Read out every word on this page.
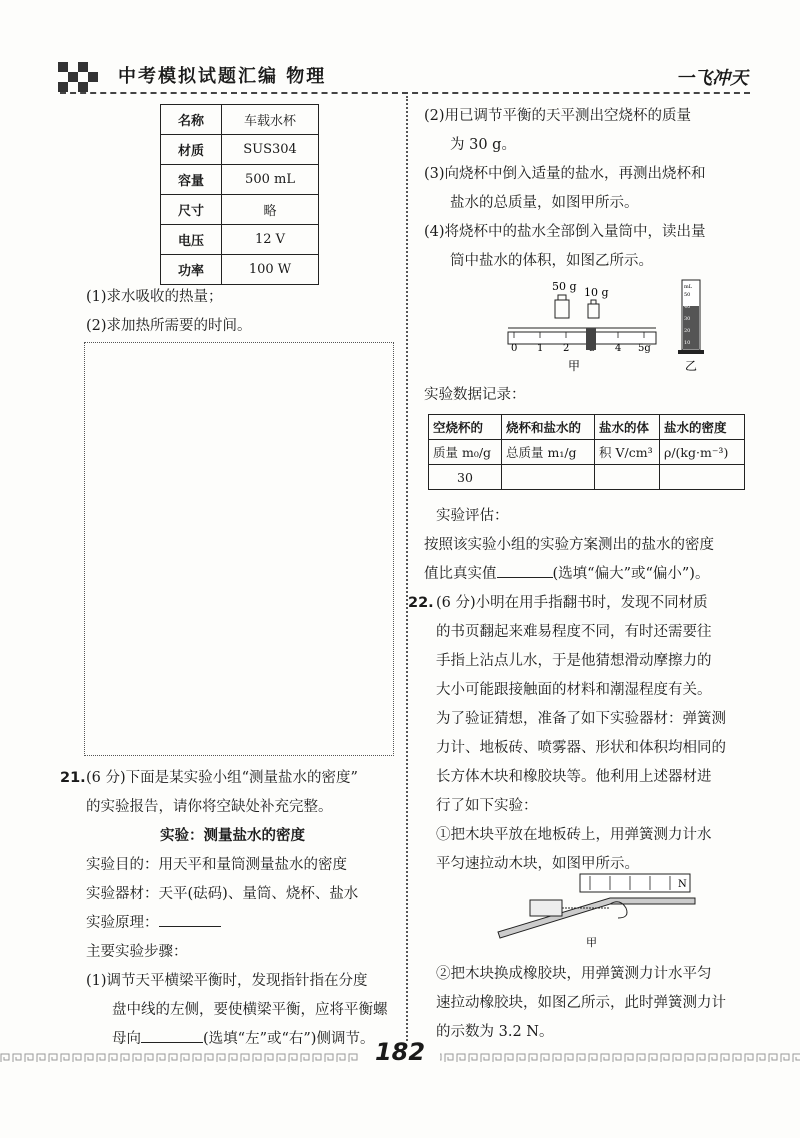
中考模拟试题汇编 物理	一飞冲天
名称	车载水杯
材质	SUS304
容量	500 mL
尺寸	略
电压	12 V
功率	100 W
(1)求水吸收的热量；
(2)求加热所需要的时间。
21. (6 分)下面是某实验小组“测量盐水的密度”
的实验报告，请你将空缺处补充完整。
实验：测量盐水的密度
实验目的：用天平和量筒测量盐水的密度
实验器材：天平(砝码)、量筒、烧杯、盐水
实验原理：
主要实验步骤：
(1)调节天平横梁平衡时，发现指针指在分度
盘中线的左侧，要使横梁平衡，应将平衡螺
母向	(选填“左”或“右”)侧调节。
(2)用已调节平衡的天平测出空烧杯的质量
为 30 g。
(3)向烧杯中倒入适量的盐水，再测出烧杯和
盐水的总质量，如图甲所示。
(4)将烧杯中的盐水全部倒入量筒中，读出量
筒中盐水的体积，如图乙所示。
50 g 10 g
0 1 2	4 5g
甲
mL
50
40
30
20
10
乙
实验数据记录：
空烧杯的	烧杯和盐水的	盐水的体	盐水的密度
质量 m₀/g	总质量 m₁/g	积 V/cm³	ρ/(kg·m⁻³)
30			
实验评估：
按照该实验小组的实验方案测出的盐水的密度
值比真实值	(选填“偏大”或“偏小”)。
22. (6 分)小明在用手指翻书时，发现不同材质
的书页翻起来难易程度不同，有时还需要往
手指上沾点儿水，于是他猜想滑动摩擦力的
大小可能跟接触面的材料和潮湿程度有关。
为了验证猜想，准备了如下实验器材：弹簧测
力计、地板砖、喷雾器、形状和体积均相同的
长方体木块和橡胶块等。他利用上述器材进
行了如下实验：
①把木块平放在地板砖上，用弹簧测力计水
平匀速拉动木块，如图甲所示。
N
甲
②把木块换成橡胶块，用弹簧测力计水平匀
速拉动橡胶块，如图乙所示，此时弹簧测力计
的示数为 3.2 N。
182
